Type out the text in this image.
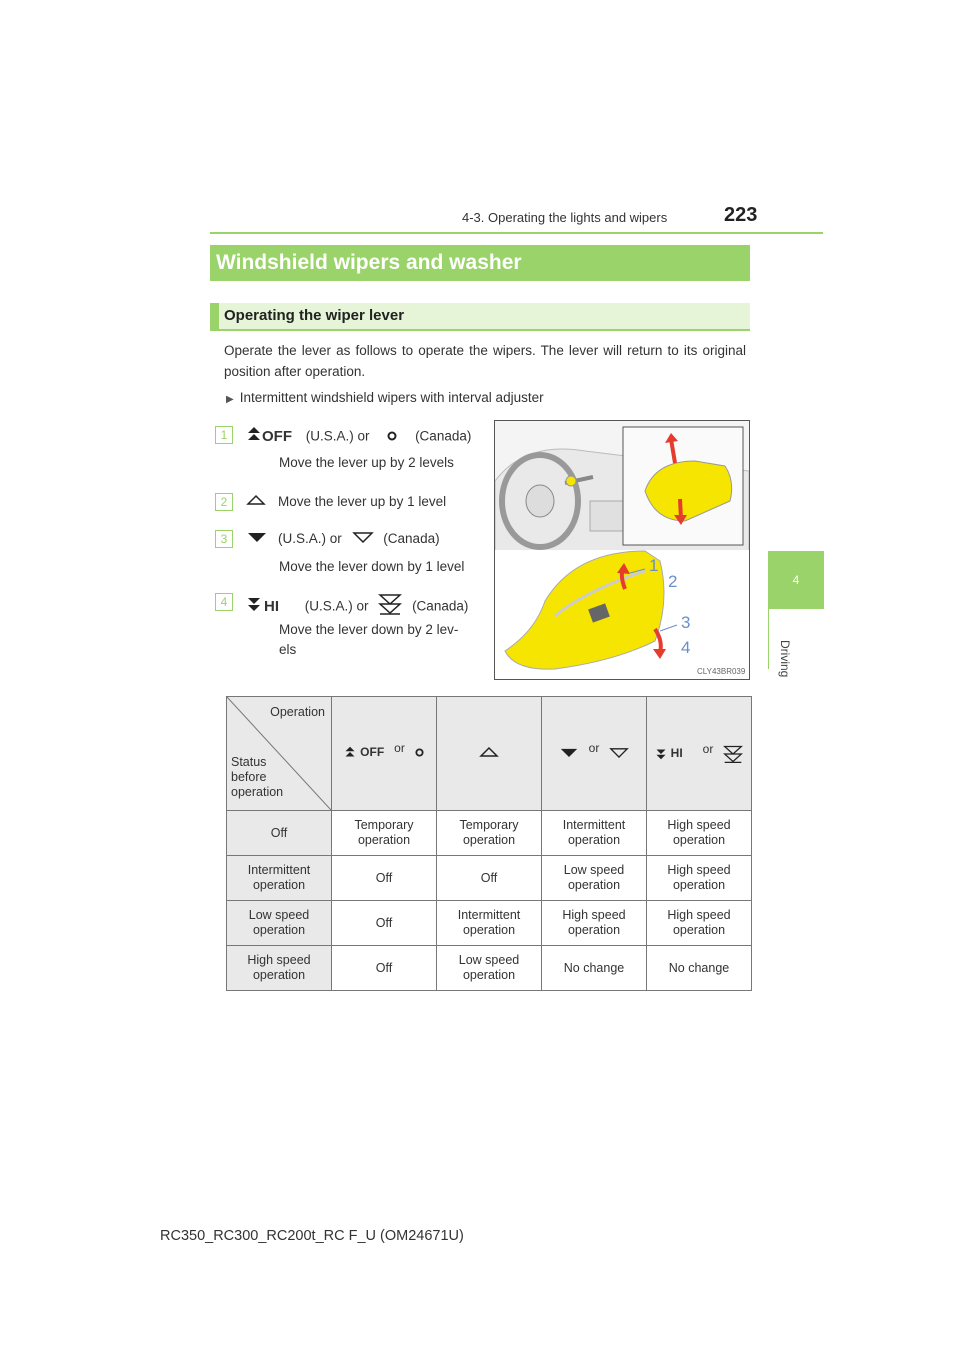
4-3. Operating the lights and wipers	223
4
Driving
Windshield wipers and washer
Operating the wiper lever
Operate the lever as follows to operate the wipers. The lever will return to its original position after operation.
▶ Intermittent windshield wipers with interval adjuster
1	OFF (U.S.A.) or	(Canada)
Move the lever up by 2 levels
2	Move the lever up by 1 level
3	(U.S.A.) or	(Canada)
Move the lever down by 1 level
4	HI (U.S.A.) or	(Canada)
Move the lever down by 2 lev-els
1
2
3
4
CLY43BR039
Operation
Status
before
operation	OFF or		or	HI or

Off	Temporary operation	Temporary operation	Intermittent operation	High speed operation
Intermittent operation	Off	Off	Low speed operation	High speed operation
Low speed operation	Off	Intermittent operation	High speed operation	High speed operation
High speed operation	Off	Low speed operation	No change	No change
RC350_RC300_RC200t_RC F_U (OM24671U)
